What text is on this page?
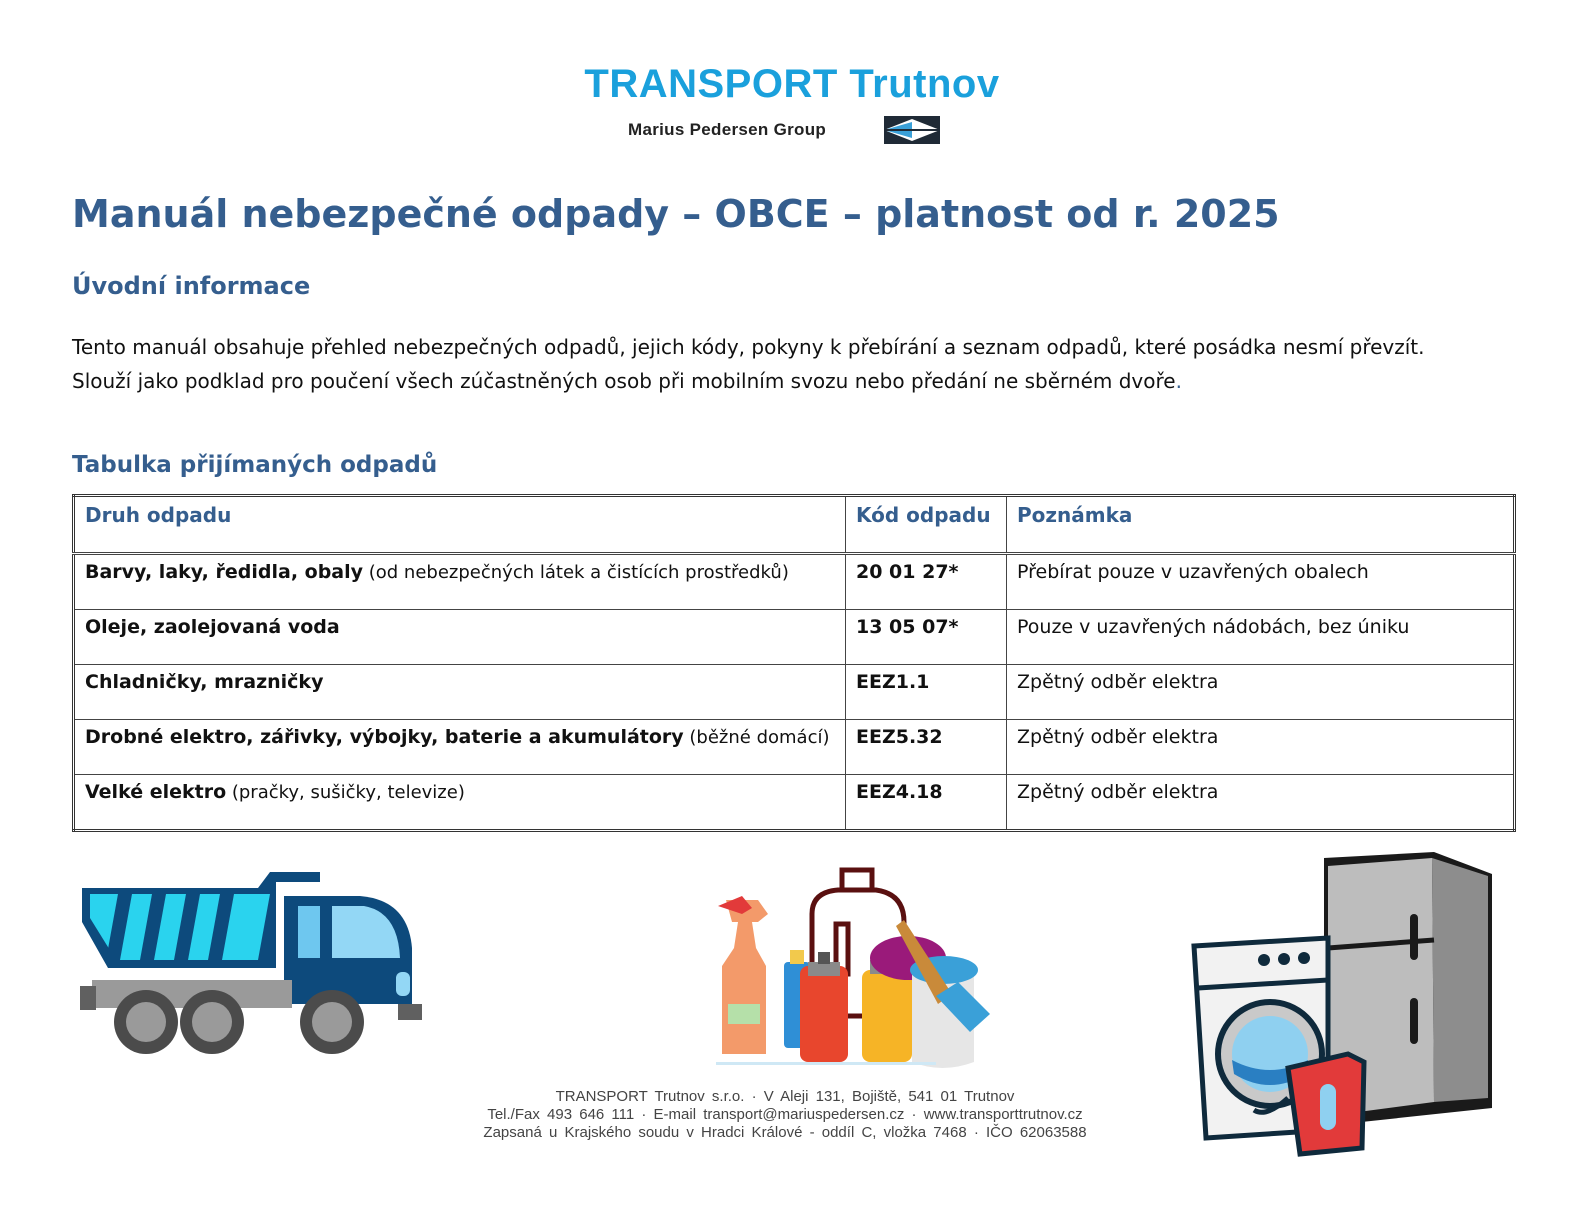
TRANSPORT Trutnov
Marius Pedersen Group
Manuál nebezpečné odpady – OBCE – platnost od r. 2025
Úvodní informace
Tento manuál obsahuje přehled nebezpečných odpadů, jejich kódy, pokyny k přebírání a seznam odpadů, které posádka nesmí převzít.
Slouží jako podklad pro poučení všech zúčastněných osob při mobilním svozu nebo předání ne sběrném dvoře.
Tabulka přijímaných odpadů
Druh odpadu	Kód odpadu	Poznámka
Barvy, laky, ředidla, obaly (od nebezpečných látek a čistících prostředků)	20 01 27*	Přebírat pouze v uzavřených obalech
Oleje, zaolejovaná voda	13 05 07*	Pouze v uzavřených nádobách, bez úniku
Chladničky, mrazničky	EEZ1.1	Zpětný odběr elektra
Drobné elektro, zářivky, výbojky, baterie a akumulátory (běžné domácí)	EEZ5.32	Zpětný odběr elektra
Velké elektro (pračky, sušičky, televize)	EEZ4.18	Zpětný odběr elektra
TRANSPORT Trutnov s.r.o. · V Aleji 131, Bojiště, 541 01 Trutnov
Tel./Fax 493 646 111 · E-mail transport@mariuspedersen.cz · www.transporttrutnov.cz
Zapsaná u Krajského soudu v Hradci Králové - oddíl C, vložka 7468 · IČO 62063588
